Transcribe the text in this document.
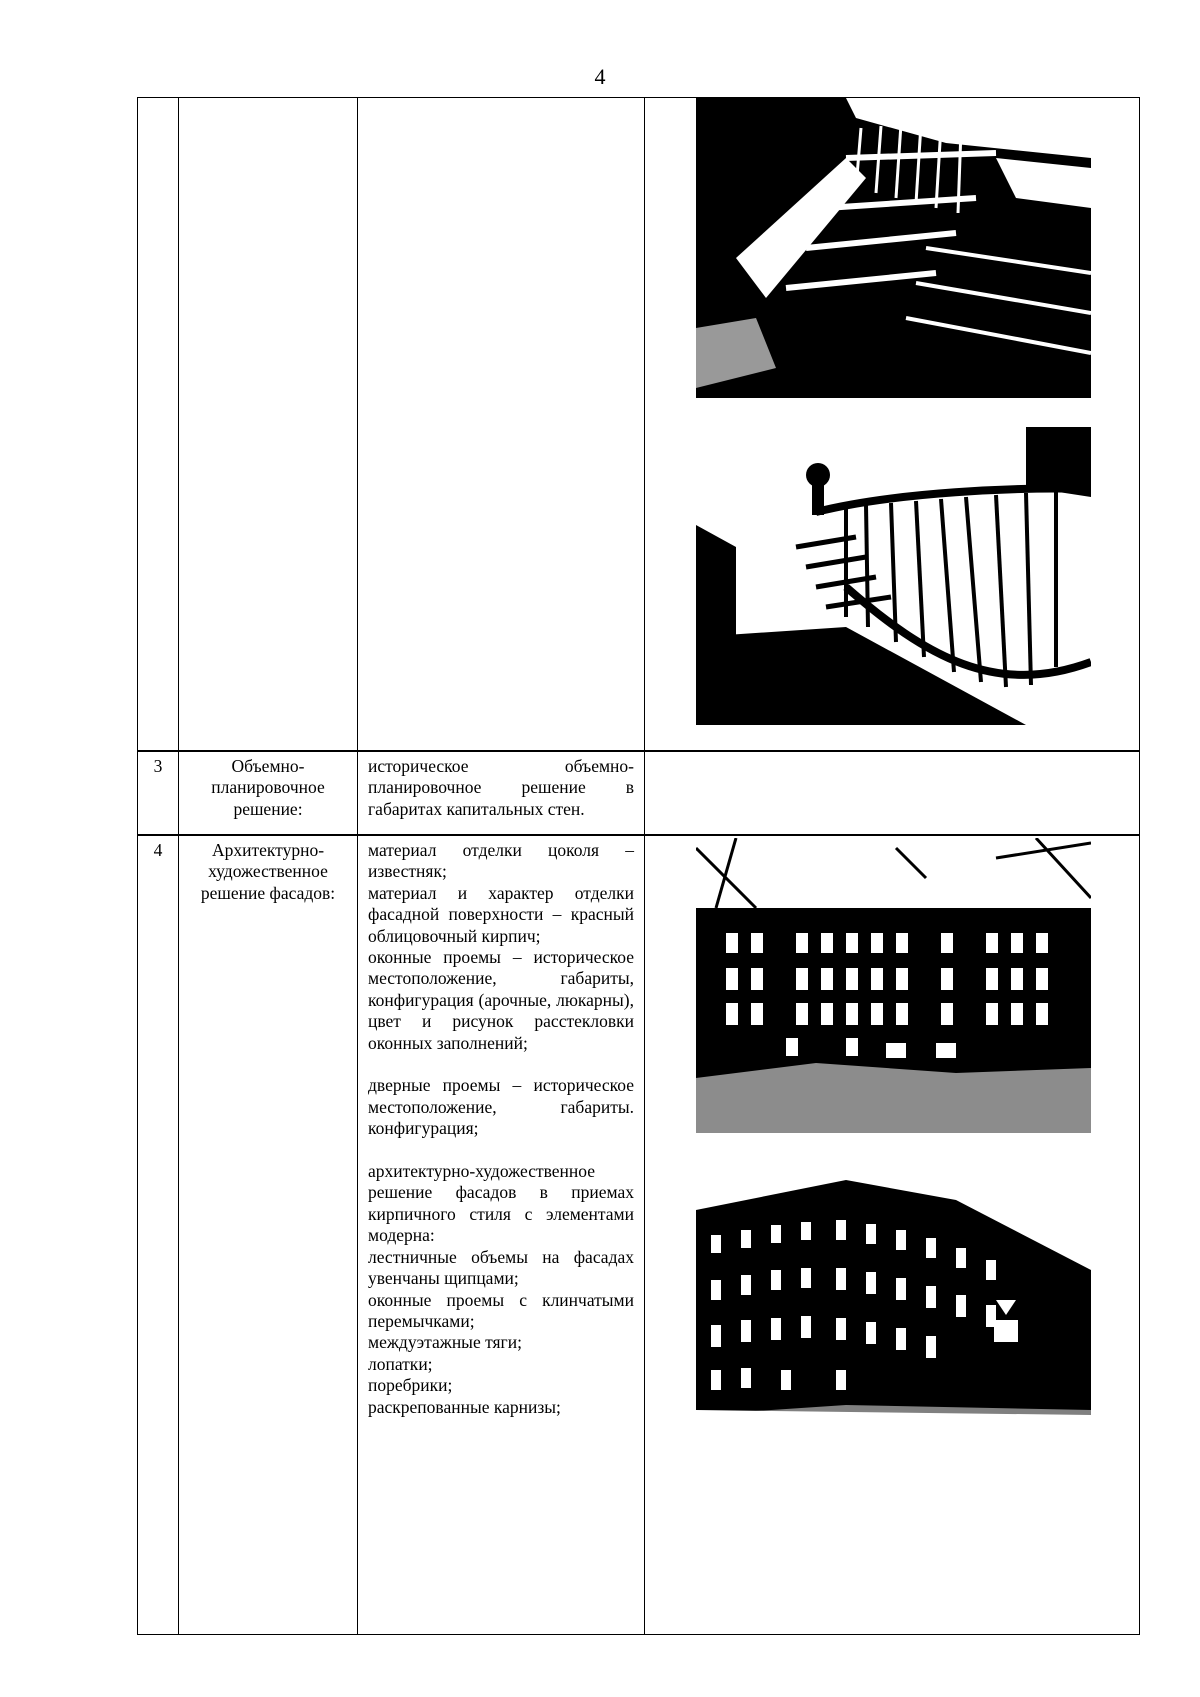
4
3	Объемно-планировочное решение:

историческое объемно-планировочное решение в габаритах капитальных стен.

4	Архитектурно-художественное решение фасадов:

материал отделки цоколя – известняк;

материал и характер отделки фасадной поверхности – красный облицовочный кирпич;

оконные проемы – историческое местоположение, габариты, конфигурация (арочные, люкарны), цвет и рисунок расстекловки оконных заполнений;

дверные проемы – историческое местоположение, габариты. конфигурация;

архитектурно-художественное решение фасадов в приемах кирпичного стиля с элементами модерна:

лестничные объемы на фасадах увенчаны щипцами;

оконные проемы с клинчатыми перемычками;

междуэтажные тяги;

лопатки;

поребрики;

раскрепованные карнизы;
